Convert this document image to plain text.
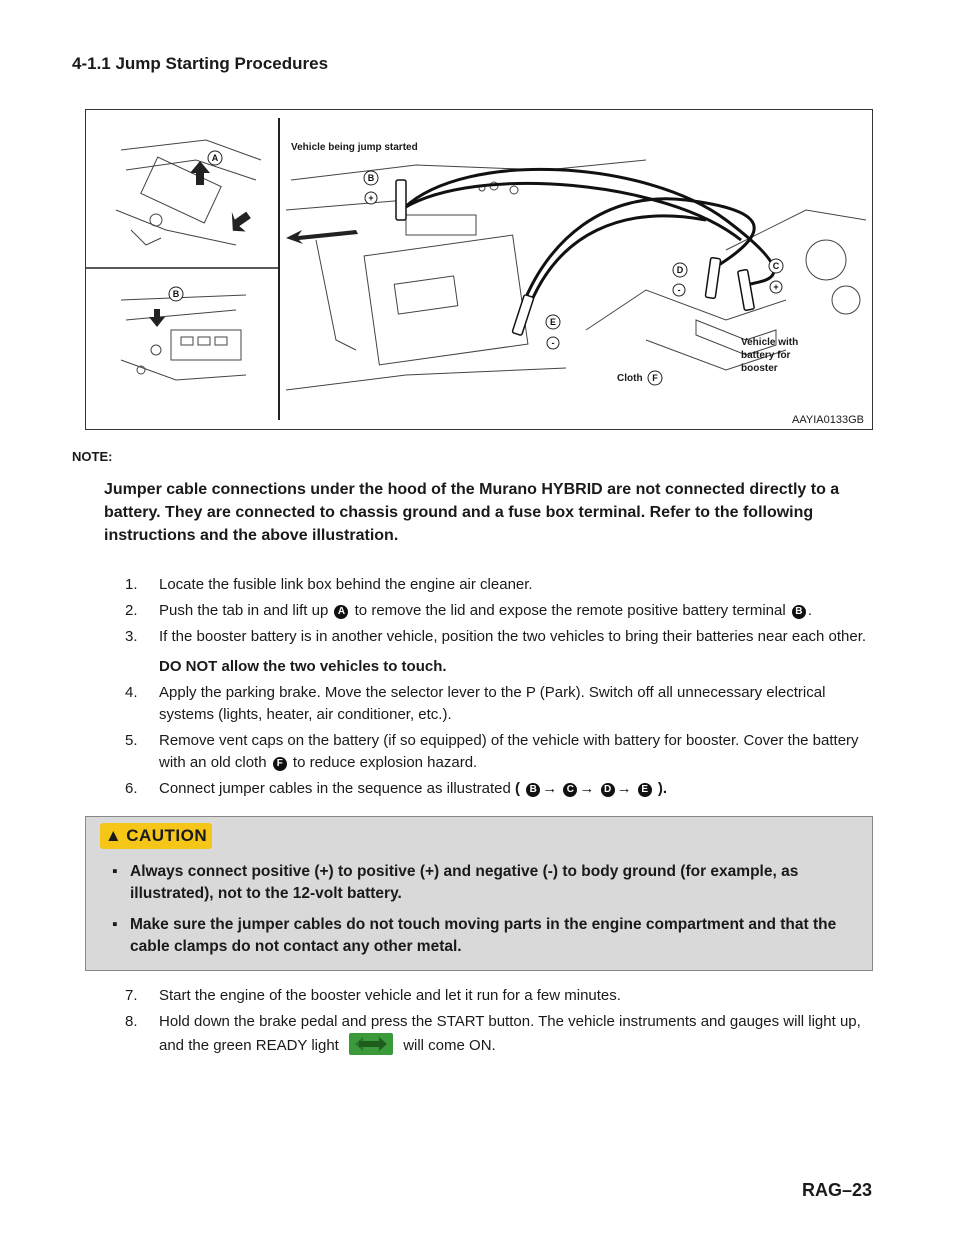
4-1.1 Jump Starting Procedures
A
B
B
+
D
-
C
+
E
-
F
Vehicle being jump started
Cloth
Vehicle with
battery for
booster
AAYIA0133GB
NOTE:
Jumper cable connections under the hood of the Murano HYBRID are not connected directly to a battery. They are connected to chassis ground and a fuse box terminal. Refer to the following instructions and the above illustration.
1.	Locate the fusible link box behind the engine air cleaner.
2.	Push the tab in and lift up A to remove the lid and expose the remote positive battery terminal B .
3.	If the booster battery is in another vehicle, position the two vehicles to bring their batteries near each other.
DO NOT allow the two vehicles to touch.
4.	Apply the parking brake. Move the selector lever to the P (Park). Switch off all unnecessary electrical systems (lights, heater, air conditioner, etc.).
5.	Remove vent caps on the battery (if so equipped) of the vehicle with battery for booster. Cover the battery with an old cloth F to reduce explosion hazard.
6.	Connect jumper cables in the sequence as illustrated ( B → C → D → E ).
▲ CAUTION
▪ Always connect positive (+) to positive (+) and negative (-) to body ground (for example, as illustrated), not to the 12-volt battery.
▪ Make sure the jumper cables do not touch moving parts in the engine compartment and that the cable clamps do not contact any other metal.
7.	Start the engine of the booster vehicle and let it run for a few minutes.
8.	Hold down the brake pedal and press the START button. The vehicle instruments and gauges will light up, and the green READY light	will come ON.
RAG–23
